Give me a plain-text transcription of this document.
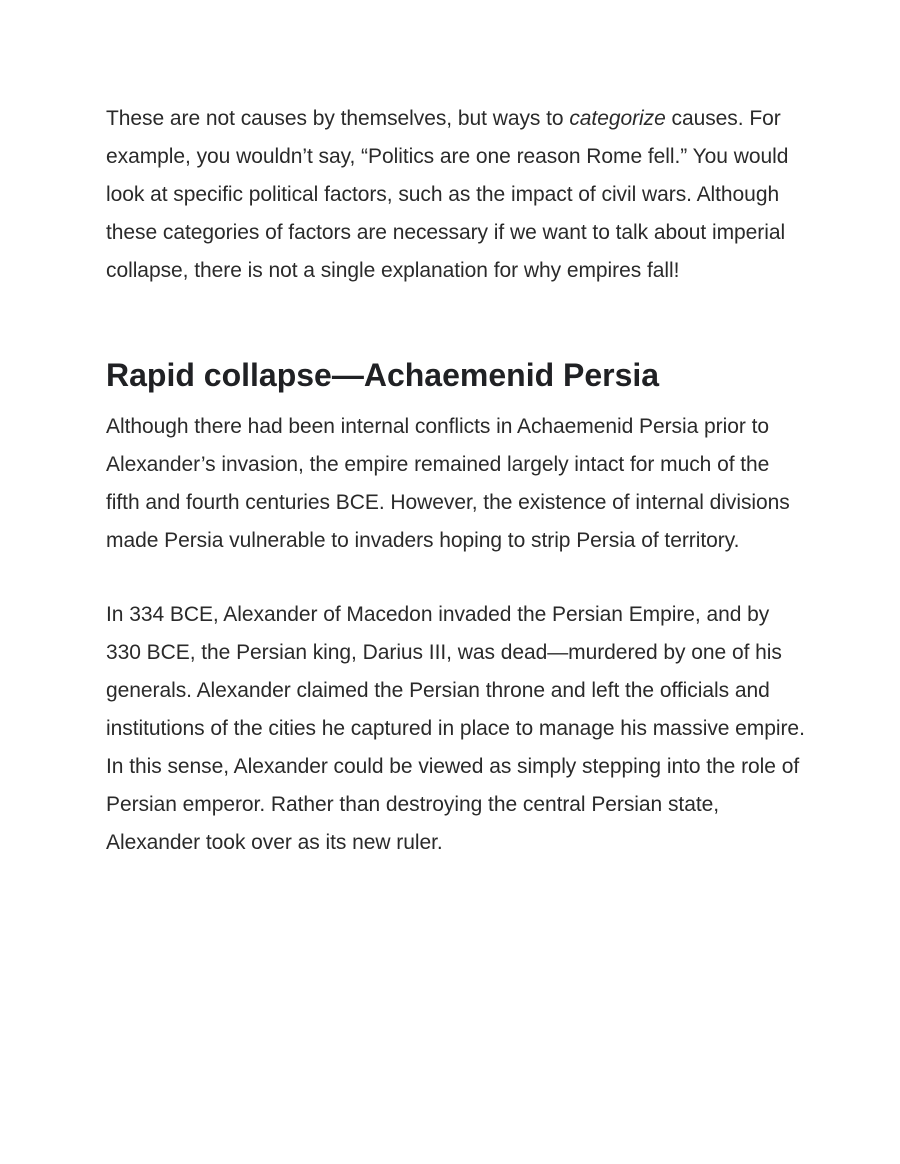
These are not causes by themselves, but ways to categorize causes. For example, you wouldn’t say, “Politics are one reason Rome fell.” You would look at specific political factors, such as the impact of civil wars. Although these categories of factors are necessary if we want to talk about imperial collapse, there is not a single explanation for why empires fall!

Rapid collapse—Achaemenid Persia

Although there had been internal conflicts in Achaemenid Persia prior to Alexander’s invasion, the empire remained largely intact for much of the fifth and fourth centuries BCE. However, the existence of internal divisions made Persia vulnerable to invaders hoping to strip Persia of territory.

In 334 BCE, Alexander of Macedon invaded the Persian Empire, and by 330 BCE, the Persian king, Darius III, was dead—murdered by one of his generals. Alexander claimed the Persian throne and left the officials and institutions of the cities he captured in place to manage his massive empire. In this sense, Alexander could be viewed as simply stepping into the role of Persian emperor. Rather than destroying the central Persian state, Alexander took over as its new ruler.
